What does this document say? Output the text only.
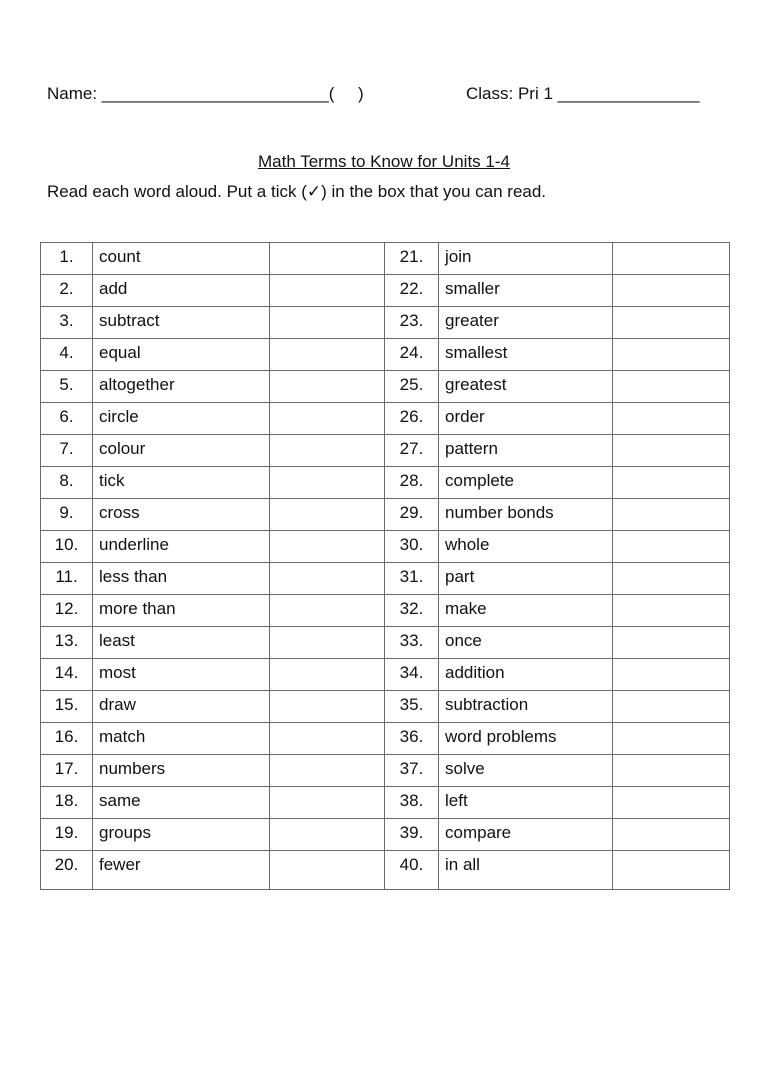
Name: ________________________(     )	Class: Pri 1 _______________
Math Terms to Know for Units 1-4
Read each word aloud. Put a tick (✓) in the box that you can read.
1.	count		21.	join	
2.	add		22.	smaller	
3.	subtract		23.	greater	
4.	equal		24.	smallest	
5.	altogether		25.	greatest	
6.	circle		26.	order	
7.	colour		27.	pattern	
8.	tick		28.	complete	
9.	cross		29.	number bonds	
10.	underline		30.	whole	
11.	less than		31.	part	
12.	more than		32.	make	
13.	least		33.	once	
14.	most		34.	addition	
15.	draw		35.	subtraction	
16.	match		36.	word problems	
17.	numbers		37.	solve	
18.	same		38.	left	
19.	groups		39.	compare	
20.	fewer		40.	in all	
